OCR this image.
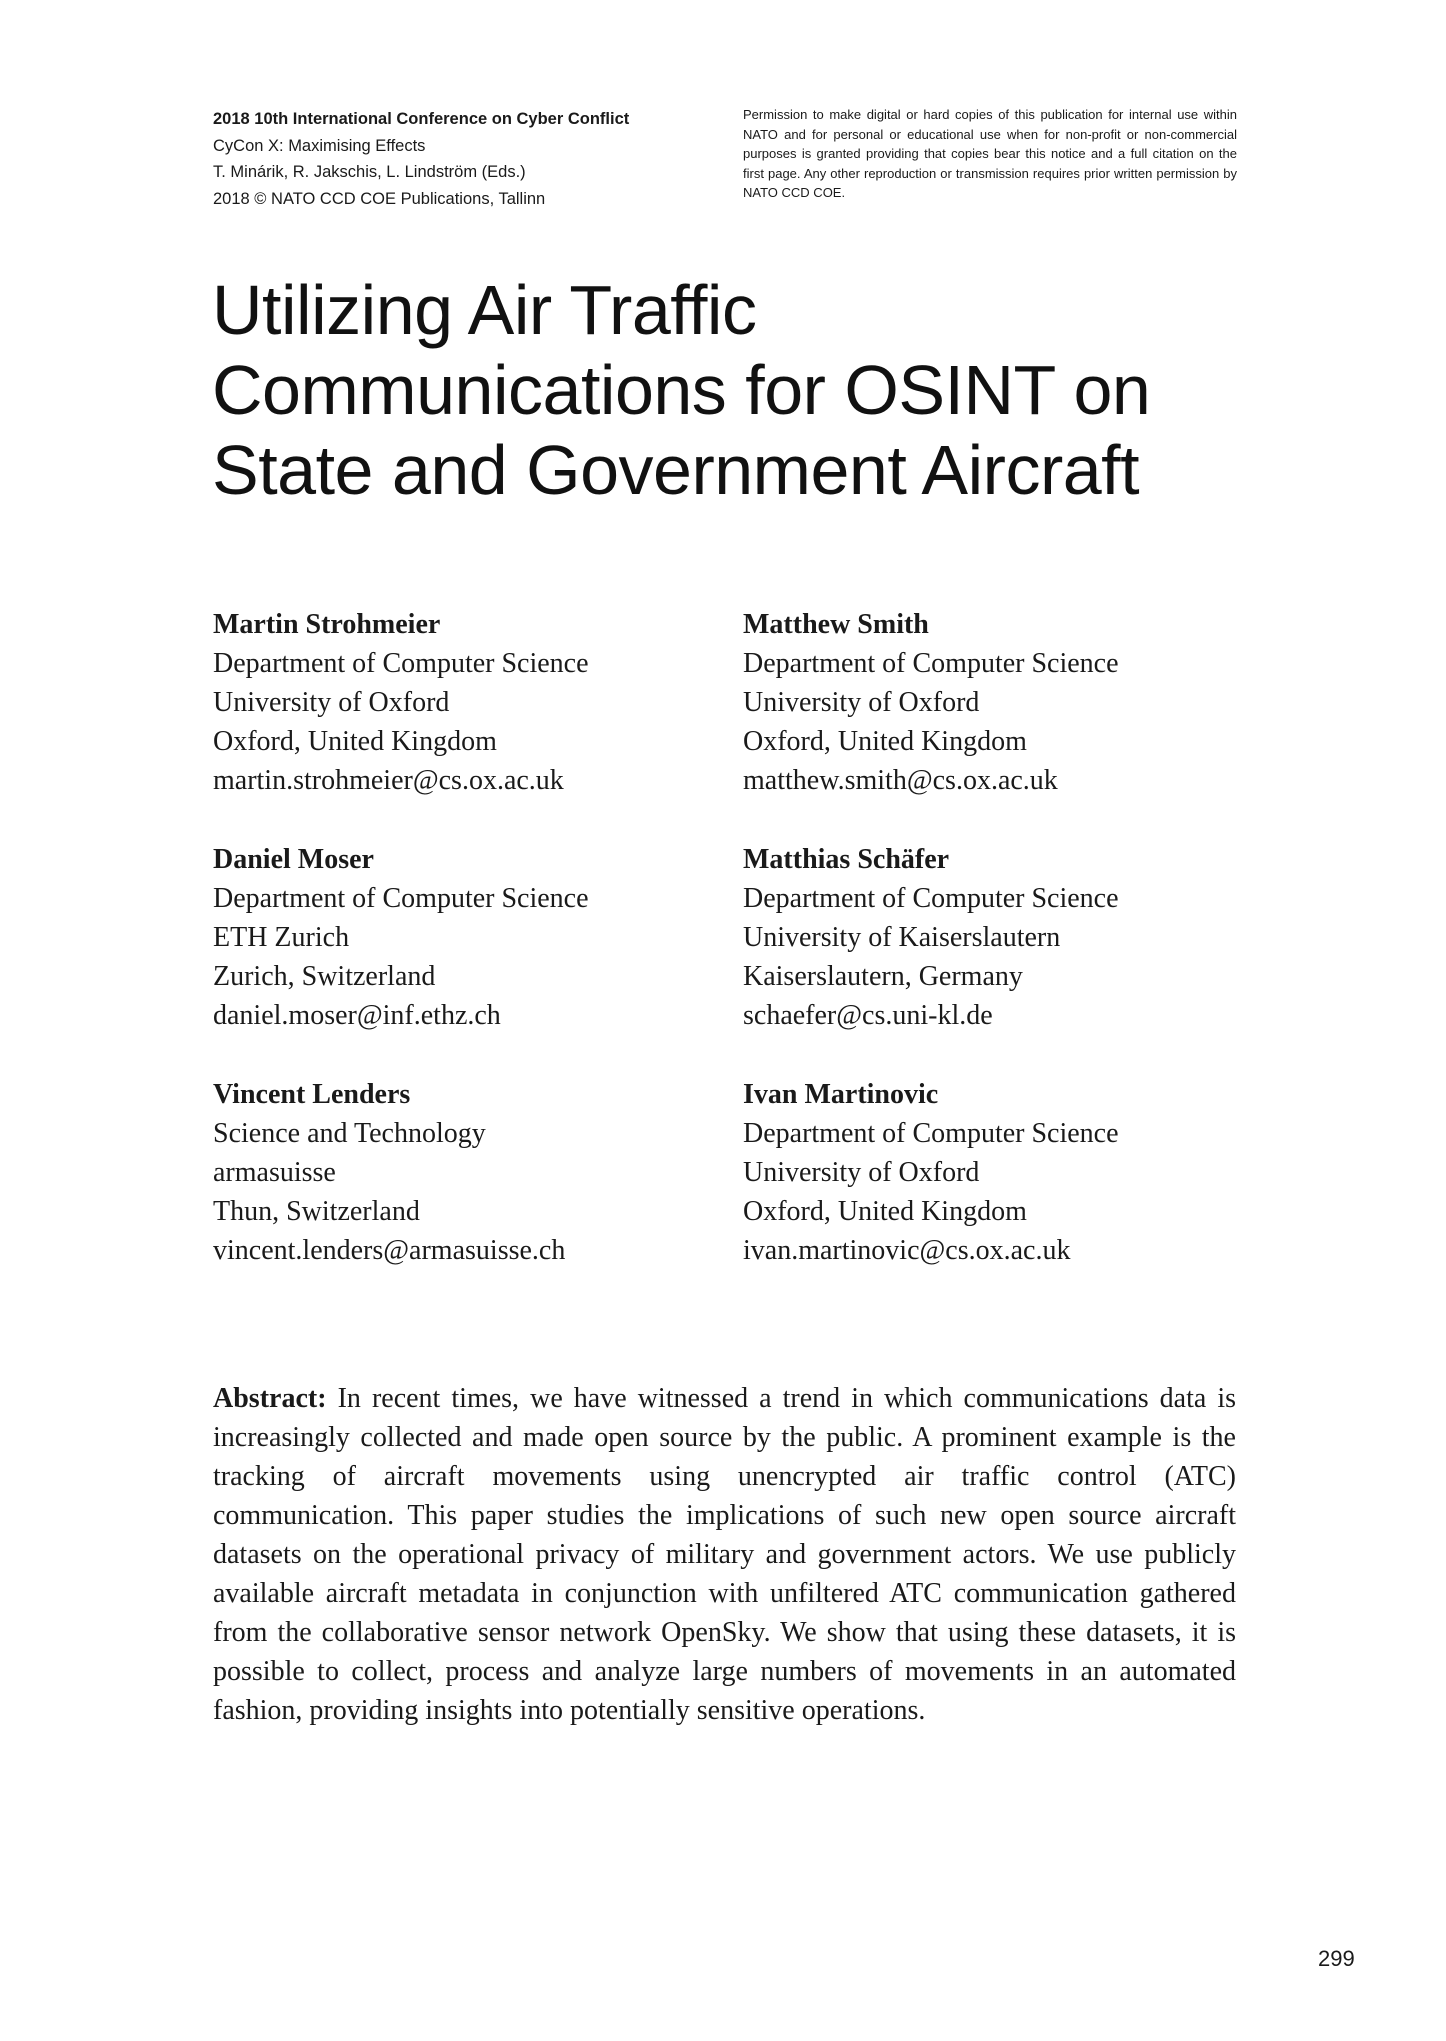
2018 10th International Conference on Cyber Conflict
CyCon X: Maximising Effects
T. Minárik, R. Jakschis, L. Lindström (Eds.)
2018 © NATO CCD COE Publications, Tallinn
Permission to make digital or hard copies of this publication for internal use within NATO and for personal or educational use when for non-profit or non-commercial purposes is granted providing that copies bear this notice and a full citation on the first page. Any other reproduction or transmission requires prior written permission by NATO CCD COE.
Utilizing Air Traffic
Communications for OSINT on
State and Government Aircraft
Martin Strohmeier
Department of Computer Science
University of Oxford
Oxford, United Kingdom
martin.strohmeier@cs.ox.ac.uk
Matthew Smith
Department of Computer Science
University of Oxford
Oxford, United Kingdom
matthew.smith@cs.ox.ac.uk
Daniel Moser
Department of Computer Science
ETH Zurich
Zurich, Switzerland
daniel.moser@inf.ethz.ch
Matthias Schäfer
Department of Computer Science
University of Kaiserslautern
Kaiserslautern, Germany
schaefer@cs.uni-kl.de
Vincent Lenders
Science and Technology
armasuisse
Thun, Switzerland
vincent.lenders@armasuisse.ch
Ivan Martinovic
Department of Computer Science
University of Oxford
Oxford, United Kingdom
ivan.martinovic@cs.ox.ac.uk

Abstract: In recent times, we have witnessed a trend in which communications data is increasingly collected and made open source by the public. A prominent example is the tracking of aircraft movements using unencrypted air traffic control (ATC) communication. This paper studies the implications of such new open source aircraft datasets on the operational privacy of military and government actors. We use publicly available aircraft metadata in conjunction with unfiltered ATC communication gathered from the collaborative sensor network OpenSky. We show that using these datasets, it is possible to collect, process and analyze large numbers of movements in an automated fashion, providing insights into potentially sensitive operations.

299
